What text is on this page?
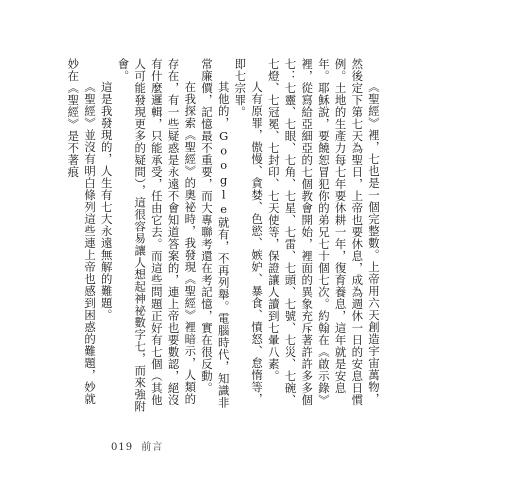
《聖經》裡，七也是一個完整數。上帝用六天創造宇宙萬物，然後定下第七天為聖日，上帝也要休息，成為週休一日的安息日慣例。土地的生產力每七年要休耕一年，復育養息，這年就是安息年。耶穌說，要饒恕冒犯你的弟兄七十個七次。約翰在《啟示錄》裡，從寫給亞細亞的七個教會開始，裡面的異象充斥著許許多多個七：七靈、七眼、七角、七星、七雷、七頭、七號、七災、七碗、七燈、七冠冕、七封印、七天使等，保證讓人讀到七暈八素。

人有原罪，傲慢、貪婪、色慾、嫉妒、暴食、憤怒、怠惰等，即七宗罪。

其他的，Google就有，不再列舉。電腦時代，知識非常廉價，記憶最不重要，而大專聯考還在考記憶，實在很反動。

在我探索《聖經》的奧祕時，我發現《聖經》裡暗示，人類的存在，有一些疑惑是永遠不會知道答案的，連上帝也要數認，絕沒有什麼邏輯，只能承受，任由它去。而這些問題正好有七個（其他人可能發現更多的疑問），這很容易讓人想起神祕數字七，而來強附會。

這是我發現的，人生有七大永遠無解的難題。

《聖經》並沒有明白條列這些連上帝也感到困惑的難題，妙就妙在《聖經》是不著痕

019 前言
